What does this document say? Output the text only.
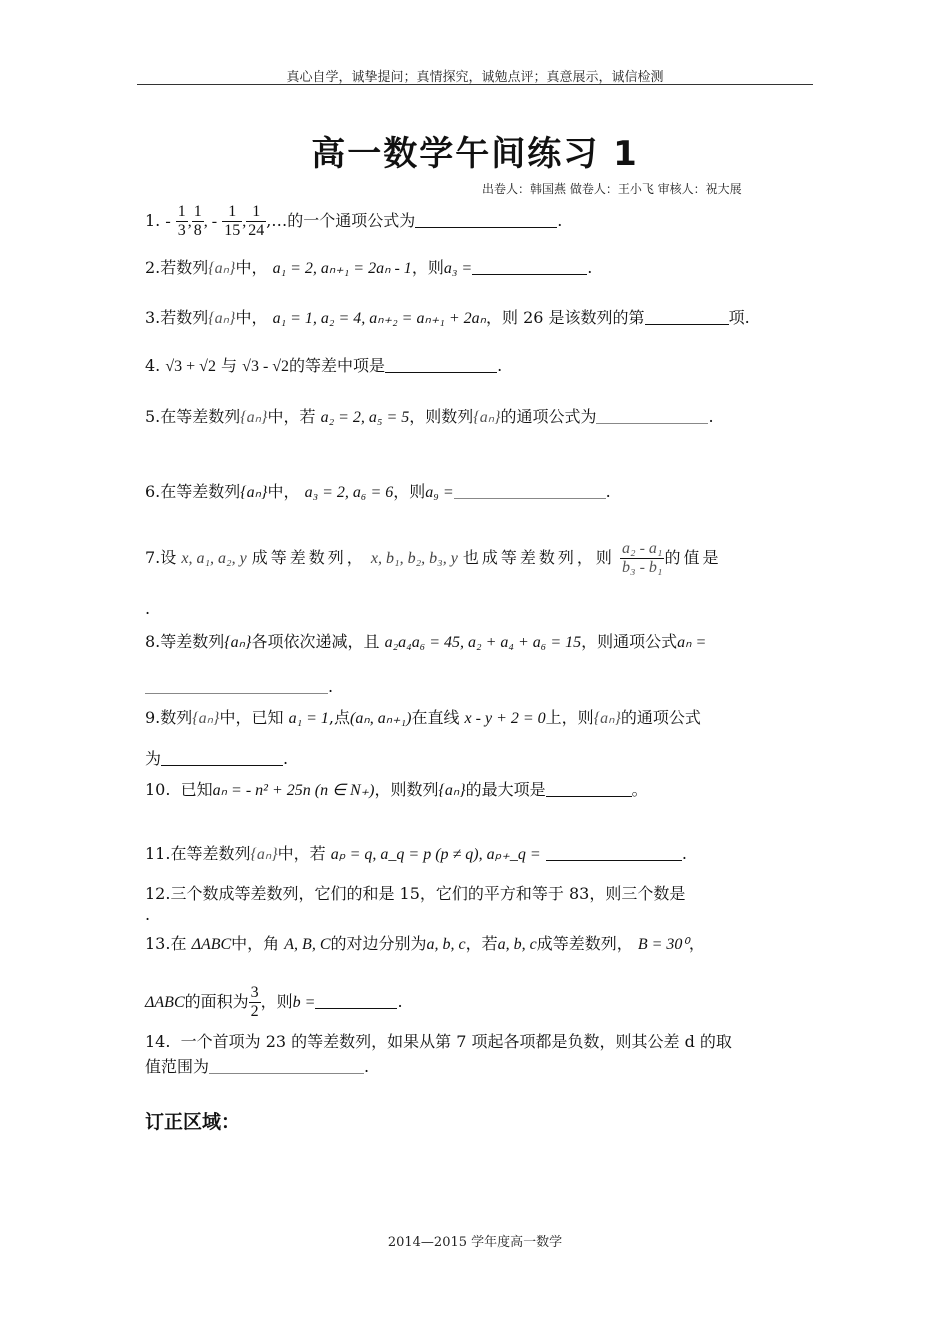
真心自学，诚挚提问；真情探究，诚勉点评；真意展示，诚信检测
高一数学午间练习 1
出卷人：韩国燕 做卷人：王小飞 审核人：祝大展
1. - $\frac{1}{3}$ , $\frac{1}{8}$ , - $\frac{1}{15}$ , $\frac{1}{24}$ ,…的一个通项公式为	.
2.若数列{aₙ}中， a₁ = 2, aₙ₊₁ = 2aₙ - 1，则a₃ =	.
3.若数列{aₙ}中， a₁ = 1, a₂ = 4, aₙ₊₂ = aₙ₊₁ + 2aₙ，则 26 是该数列的第	项.
4. √3 + √2 与 √3 - √2的等差中项是	.
5.在等差数列{aₙ}中，若 a₂ = 2, a₅ = 5，则数列{aₙ}的通项公式为	.
6.在等差数列{aₙ}中， a₃ = 2, a₆ = 6，则a₉ =	.
7.设 x, a₁, a₂, y 成等差数列， x, b₁, b₂, b₃, y 也成等差数列，则 $\frac{\text{a₂ - a₁}}{\text{b₃ - b₁}}$ 的值是
.
8.等差数列{aₙ}各项依次递减，且 a₂a₄a₆ = 45, a₂ + a₄ + a₆ = 15，则通项公式aₙ =
.
9.数列{aₙ}中，已知 a₁ = 1,点(aₙ, aₙ₊₁)在直线 x - y + 2 = 0上，则{aₙ}的通项公式
为	.
10. 已知aₙ = - n² + 25n (n ∈ N₊)，则数列{aₙ}的最大项是	。
11.在等差数列{aₙ}中，若 aₚ = q, a_q = p (p ≠ q), aₚ₊_q =	.
12.三个数成等差数列，它们的和是 15，它们的平方和等于 83，则三个数是
.
13.在 ΔABC中，角 A, B, C的对边分别为a, b, c，若a, b, c成等差数列， B = 30⁰，
ΔABC的面积为 $\frac{3}{2}$ ，则b =	.
14. 一个首项为 23 的等差数列，如果从第 7 项起各项都是负数，则其公差 d 的取
值范围为	.
订正区域：
2014—2015 学年度高一数学
